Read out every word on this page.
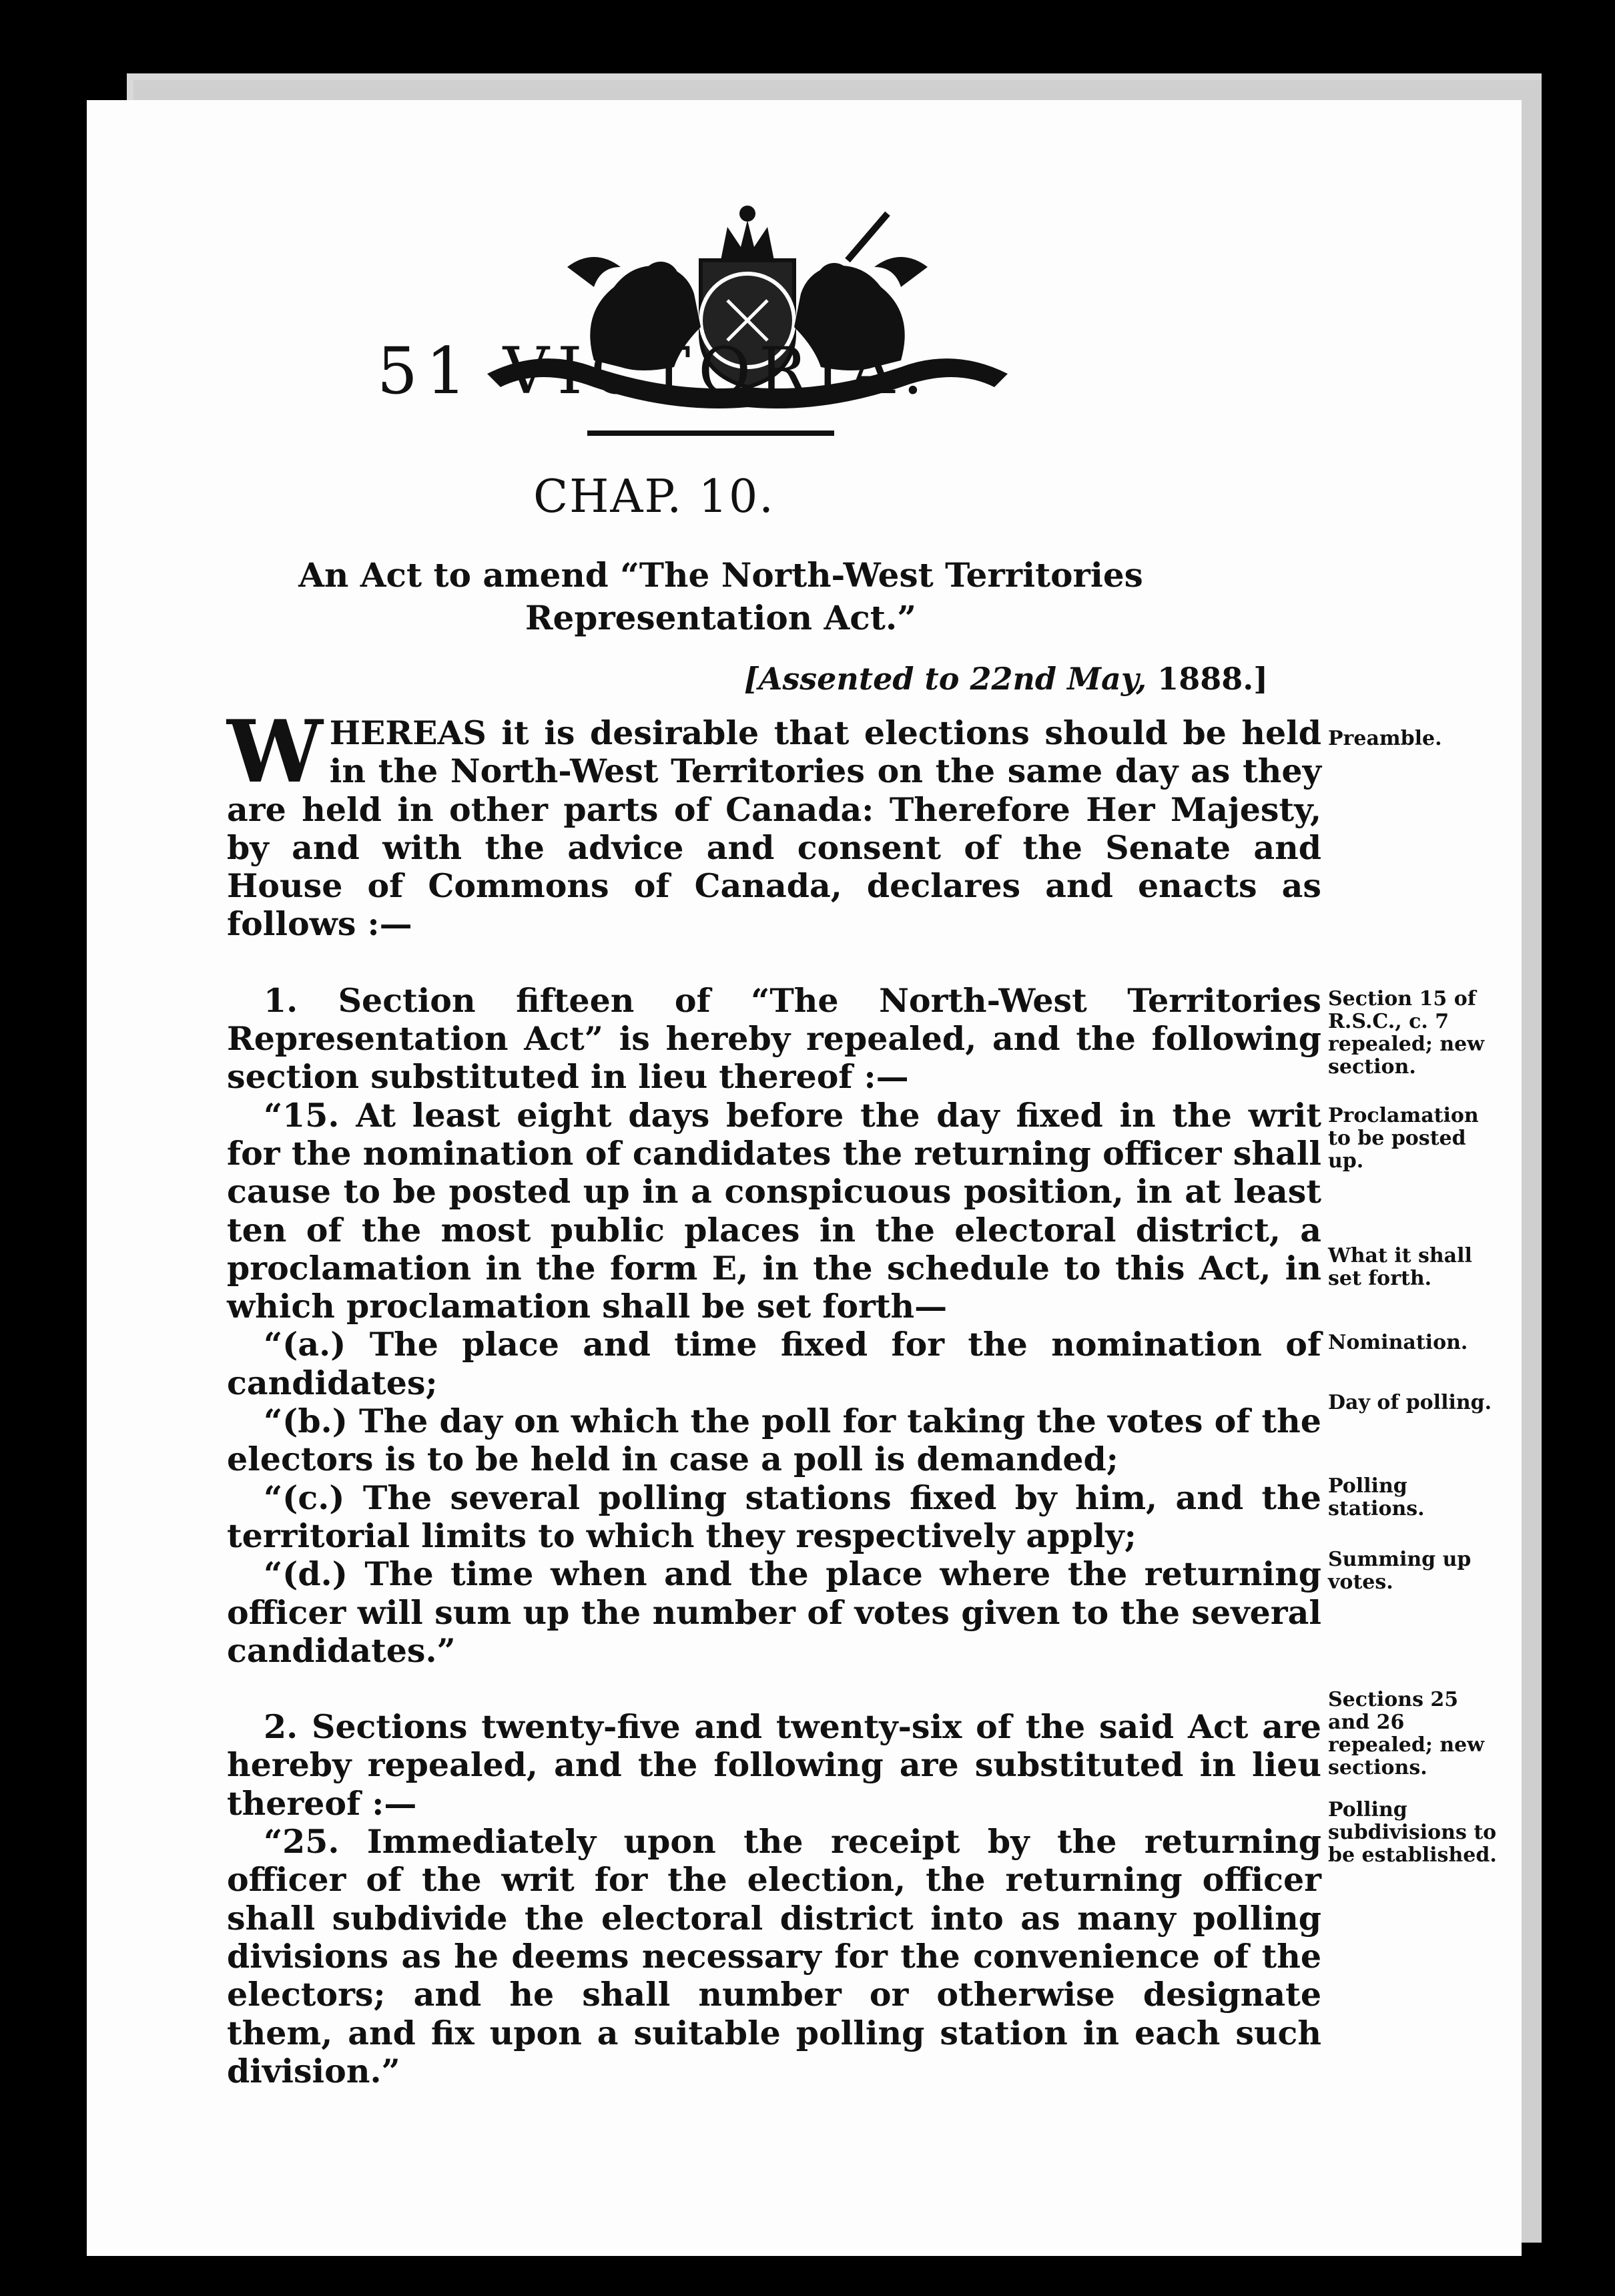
51 VICTORIA.
CHAP. 10.
An Act to amend “The North-West Territories Representation Act.”
[Assented to 22nd May, 1888.]

WHEREAS it is desirable that elections should be held in the North-West Territories on the same day as they are held in other parts of Canada: Therefore Her Majesty, by and with the advice and consent of the Senate and House of Commons of Canada, declares and enacts as follows :—

1. Section fifteen of “The North-West Territories Representation Act” is hereby repealed, and the following section substituted in lieu thereof :—

“15. At least eight days before the day fixed in the writ for the nomination of candidates the returning officer shall cause to be posted up in a conspicuous position, in at least ten of the most public places in the electoral district, a proclamation in the form E, in the schedule to this Act, in which proclamation shall be set forth—

“(a.) The place and time fixed for the nomination of candidates;

“(b.) The day on which the poll for taking the votes of the electors is to be held in case a poll is demanded;

“(c.) The several polling stations fixed by him, and the territorial limits to which they respectively apply;

“(d.) The time when and the place where the returning officer will sum up the number of votes given to the several candidates.”

2. Sections twenty-five and twenty-six of the said Act are hereby repealed, and the following are substituted in lieu thereof :—

“25. Immediately upon the receipt by the returning officer of the writ for the election, the returning officer shall subdivide the electoral district into as many polling divisions as he deems necessary for the convenience of the electors; and he shall number or otherwise designate them, and fix upon a suitable polling station in each such division.”

Preamble.
Section 15 of R.S.C., c. 7 repealed; new section.
Proclamation to be posted up.
What it shall set forth.
Nomination.
Day of polling.
Polling stations.
Summing up votes.
Sections 25 and 26 repealed; new sections.
Polling subdivisions to be established.
